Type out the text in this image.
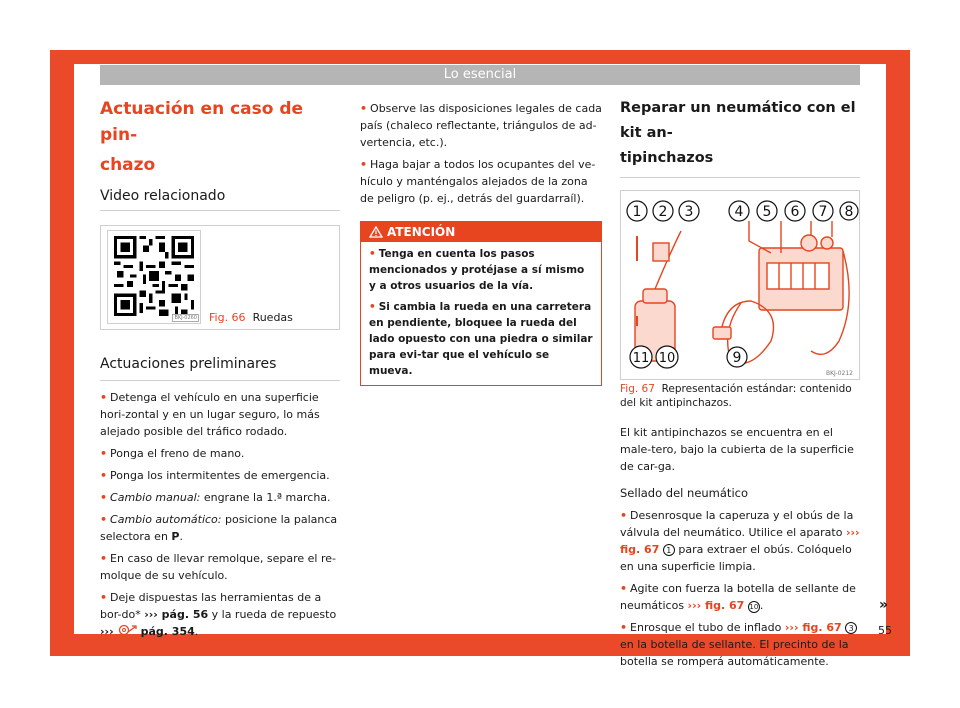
Lo esencial
Actuación en caso de pin-
chazo
Video relacionado
BKJ-0260 Fig. 66 Ruedas
Actuaciones preliminares
• Detenga el vehículo en una superficie hori-zontal y en un lugar seguro, lo más alejado posible del tráfico rodado.
• Ponga el freno de mano.
• Ponga los intermitentes de emergencia.
• Cambio manual: engrane la 1.ª marcha.
• Cambio automático: posicione la palanca selectora en P.
• En caso de llevar remolque, separe el re-molque de su vehículo.
• Deje dispuestas las herramientas de a bor-do* ››› pág. 56 y la rueda de repuesto
››› pág. 354.
• Observe las disposiciones legales de cada país (chaleco reflectante, triángulos de ad-vertencia, etc.).
• Haga bajar a todos los ocupantes del ve-hículo y manténgalos alejados de la zona de peligro (p. ej., detrás del guardarraíl).
ATENCIÓN
• Tenga en cuenta los pasos mencionados y protéjase a sí mismo y a otros usuarios de la vía.
• Si cambia la rueda en una carretera en pendiente, bloquee la rueda del lado opuesto con una piedra o similar para evi-tar que el vehículo se mueva.
Reparar un neumático con el kit an-
tipinchazos
1 2 3	4 5 6 7 8
9
10
11
BKJ-0212
Fig. 67 Representación estándar: contenido del kit antipinchazos.

El kit antipinchazos se encuentra en el male-tero, bajo la cubierta de la superficie de car-ga.

Sellado del neumático

• Desenrosque la caperuza y el obús de la válvula del neumático. Utilice el aparato ››› fig. 67 1 para extraer el obús. Colóquelo en una superficie limpia.
• Agite con fuerza la botella de sellante de neumáticos ››› fig. 67 10 .
• Enrosque el tubo de inflado ››› fig. 67 3 en la botella de sellante. El precinto de la botella se romperá automáticamente.
»
55
